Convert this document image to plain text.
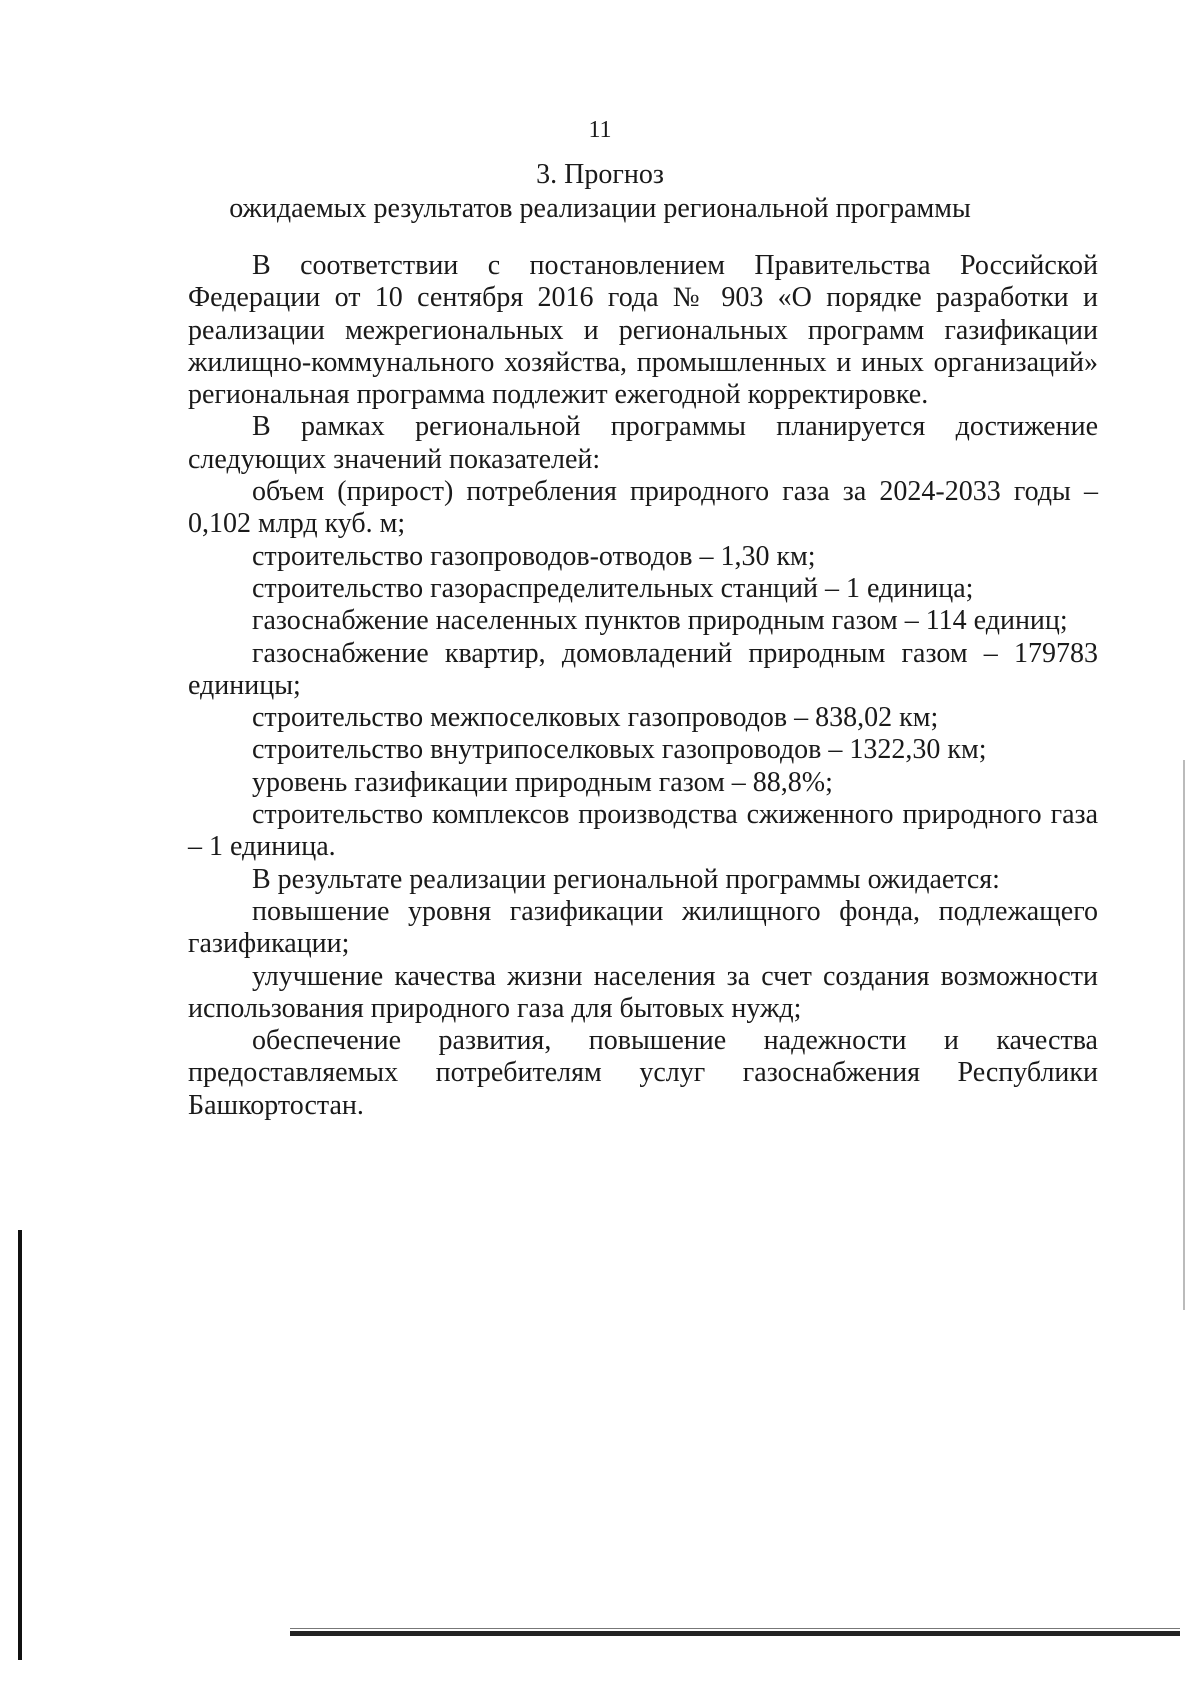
11
3. Прогноз
ожидаемых результатов реализации региональной программы

В соответствии с постановлением Правительства Российской Федерации от 10 сентября 2016 года № 903 «О порядке разработки и реализации межрегиональных и региональных программ газификации жилищно-коммунального хозяйства, промышленных и иных организаций» региональная программа подлежит ежегодной корректировке.

В рамках региональной программы планируется достижение следующих значений показателей:

объем (прирост) потребления природного газа за 2024-2033 годы – 0,102 млрд куб. м;

строительство газопроводов-отводов – 1,30 км;

строительство газораспределительных станций – 1 единица;

газоснабжение населенных пунктов природным газом – 114 единиц;

газоснабжение квартир, домовладений природным газом – 179783 единицы;

строительство межпоселковых газопроводов – 838,02 км;

строительство внутрипоселковых газопроводов – 1322,30 км;

уровень газификации природным газом – 88,8%;

строительство комплексов производства сжиженного природного газа – 1 единица.

В результате реализации региональной программы ожидается:

повышение уровня газификации жилищного фонда, подлежащего газификации;

улучшение качества жизни населения за счет создания возможности использования природного газа для бытовых нужд;

обеспечение развития, повышение надежности и качества предоставляемых потребителям услуг газоснабжения Республики Башкортостан.
